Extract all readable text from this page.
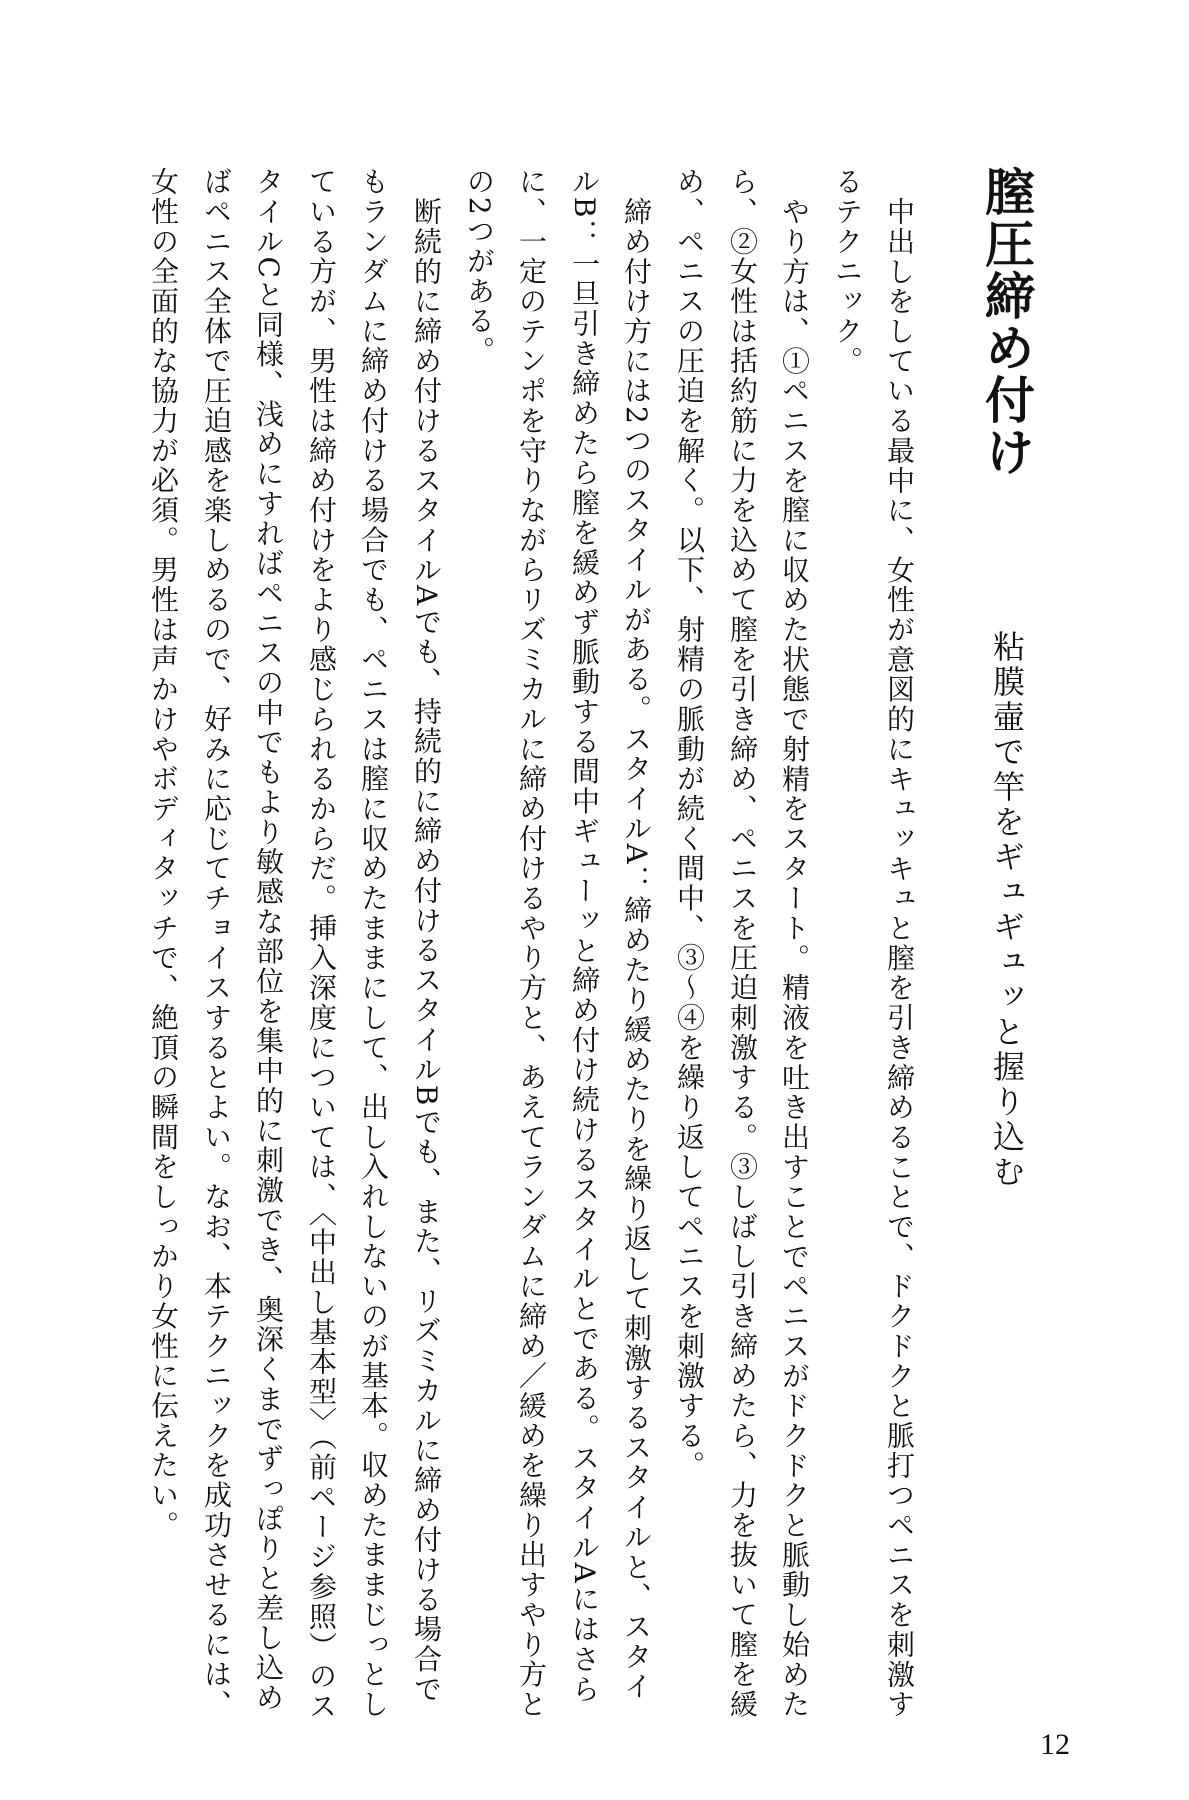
膣圧締め付け
粘膜壷で竿をギュギュッと握り込む
中出しをしている最中に、女性が意図的にキュッキュと膣を引き締めることで、ドクドクと脈打つペニスを刺激す
るテクニック。
やり方は、①ペニスを膣に収めた状態で射精をスタート。精液を吐き出すことでペニスがドクドクと脈動し始めた
ら、②女性は括約筋に力を込めて膣を引き締め、ペニスを圧迫刺激する。③しばし引き締めたら、力を抜いて膣を緩
め、ペニスの圧迫を解く。以下、射精の脈動が続く間中、③〜④を繰り返してペニスを刺激する。
締め付け方には2つのスタイルがある。スタイルA：締めたり緩めたりを繰り返して刺激するスタイルと、スタイ
ルB：一旦引き締めたら膣を緩めず脈動する間中ギューッと締め付け続けるスタイルとである。スタイルAにはさら
に、一定のテンポを守りながらリズミカルに締め付けるやり方と、あえてランダムに締め／緩めを繰り出すやり方と
の2つがある。
断続的に締め付けるスタイルAでも、持続的に締め付けるスタイルBでも、また、リズミカルに締め付ける場合で
もランダムに締め付ける場合でも、ペニスは膣に収めたままにして、出し入れしないのが基本。収めたままじっとし
ている方が、男性は締め付けをより感じられるからだ。挿入深度については、〈中出し基本型〉（前ページ参照）のス
タイルCと同様、浅めにすればペニスの中でもより敏感な部位を集中的に刺激でき、奥深くまでずっぽりと差し込め
ばペニス全体で圧迫感を楽しめるので、好みに応じてチョイスするとよい。なお、本テクニックを成功させるには、
女性の全面的な協力が必須。男性は声かけやボディタッチで、絶頂の瞬間をしっかり女性に伝えたい。
12
